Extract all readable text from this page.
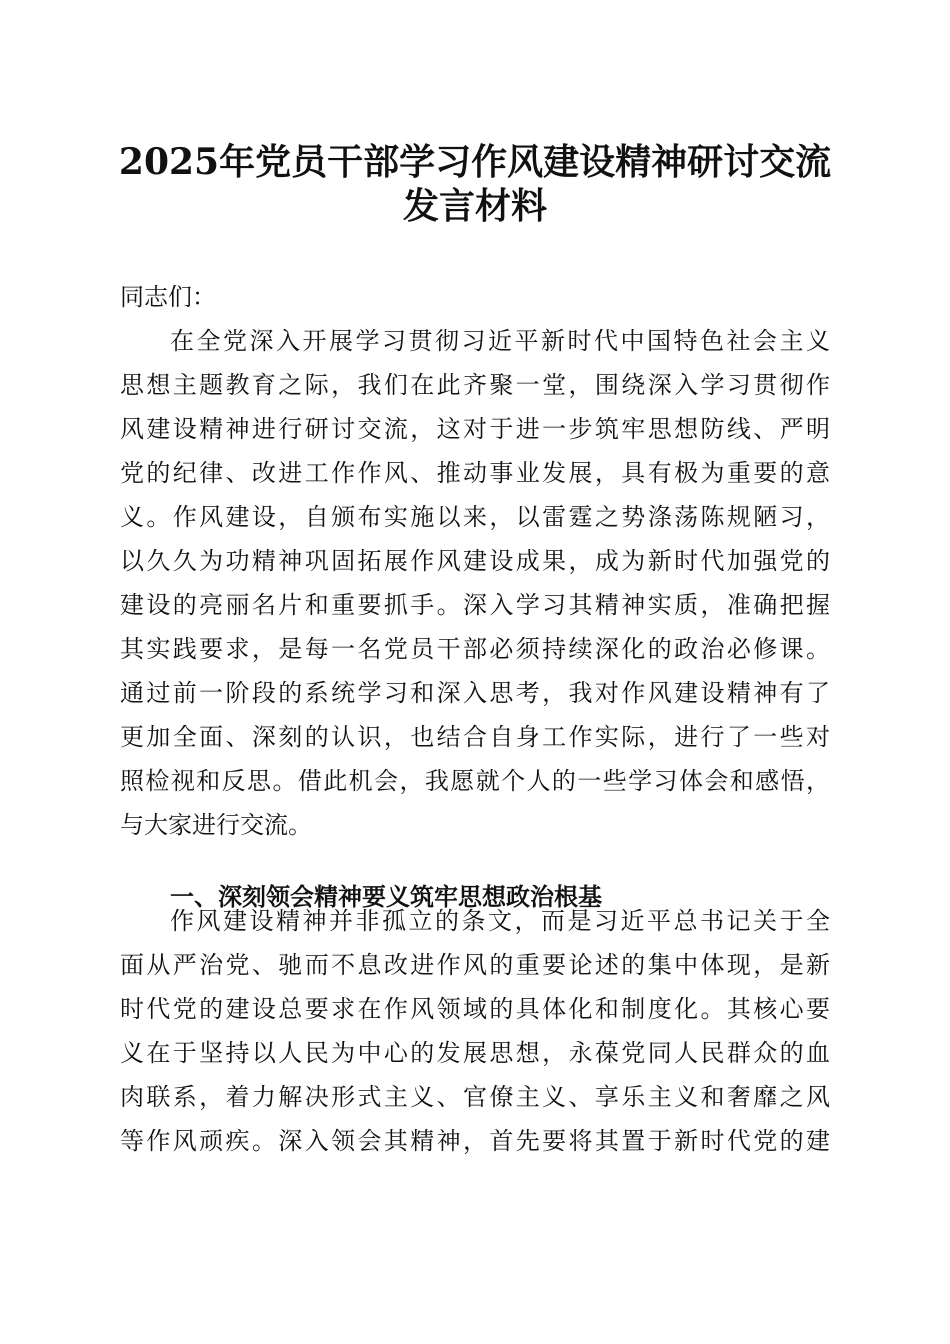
2025年党员干部学习作风建设精神研讨交流
发言材料
同志们：
在全党深入开展学习贯彻习近平新时代中国特色社会主义
思想主题教育之际，我们在此齐聚一堂，围绕深入学习贯彻作
风建设精神进行研讨交流，这对于进一步筑牢思想防线、严明
党的纪律、改进工作作风、推动事业发展，具有极为重要的意
义。作风建设，自颁布实施以来，以雷霆之势涤荡陈规陋习，
以久久为功精神巩固拓展作风建设成果，成为新时代加强党的
建设的亮丽名片和重要抓手。深入学习其精神实质，准确把握
其实践要求，是每一名党员干部必须持续深化的政治必修课。
通过前一阶段的系统学习和深入思考，我对作风建设精神有了
更加全面、深刻的认识，也结合自身工作实际，进行了一些对
照检视和反思。借此机会，我愿就个人的一些学习体会和感悟，
与大家进行交流。
一、深刻领会精神要义筑牢思想政治根基
作风建设精神并非孤立的条文，而是习近平总书记关于全
面从严治党、驰而不息改进作风的重要论述的集中体现，是新
时代党的建设总要求在作风领域的具体化和制度化。其核心要
义在于坚持以人民为中心的发展思想，永葆党同人民群众的血
肉联系，着力解决形式主义、官僚主义、享乐主义和奢靡之风
等作风顽疾。深入领会其精神，首先要将其置于新时代党的建
